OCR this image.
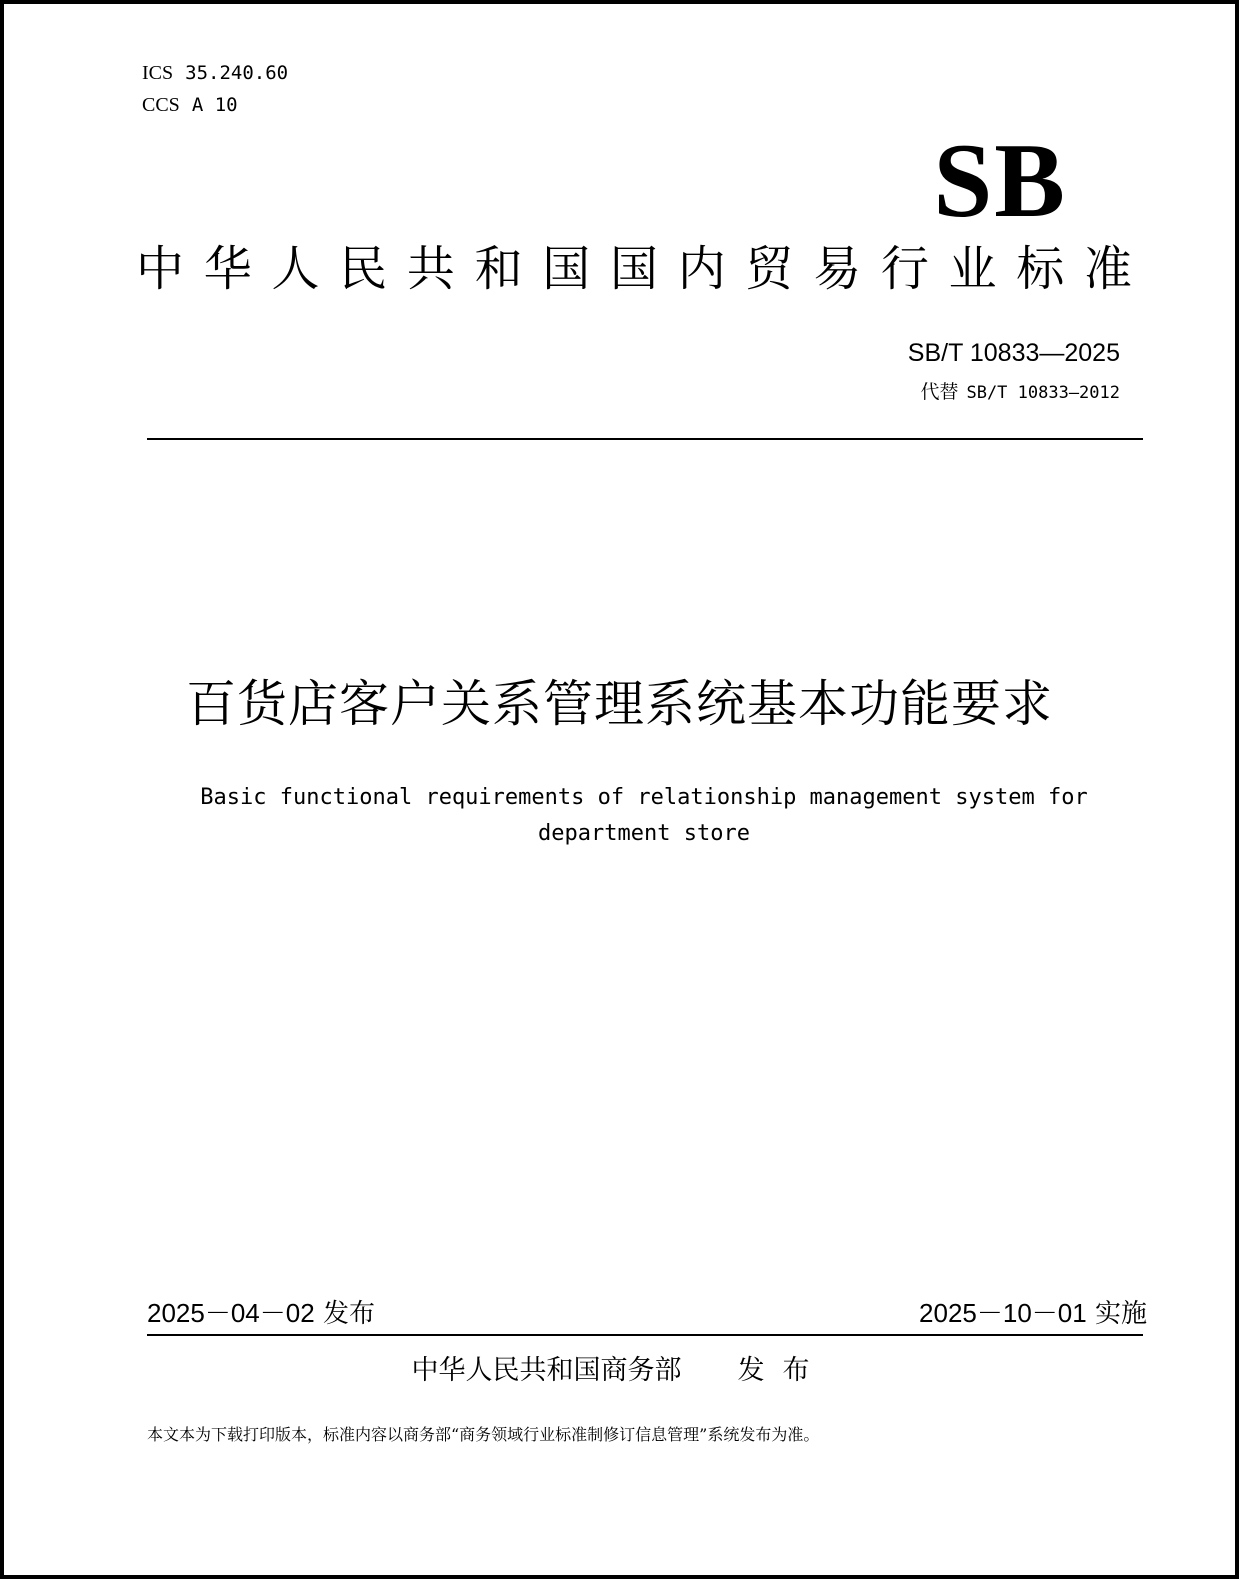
ICS 35.240.60
CCS A 10
SB
中华人民共和国国内贸易行业标准
SB/T 10833—2025
代替 SB/T 10833—2012
百货店客户关系管理系统基本功能要求
Basic functional requirements of relationship management system for department store
2025－04－02 发布	2025－10－01 实施
中华人民共和国商务部 发布
本文本为下载打印版本，标准内容以商务部“商务领域行业标准制修订信息管理”系统发布为准。
